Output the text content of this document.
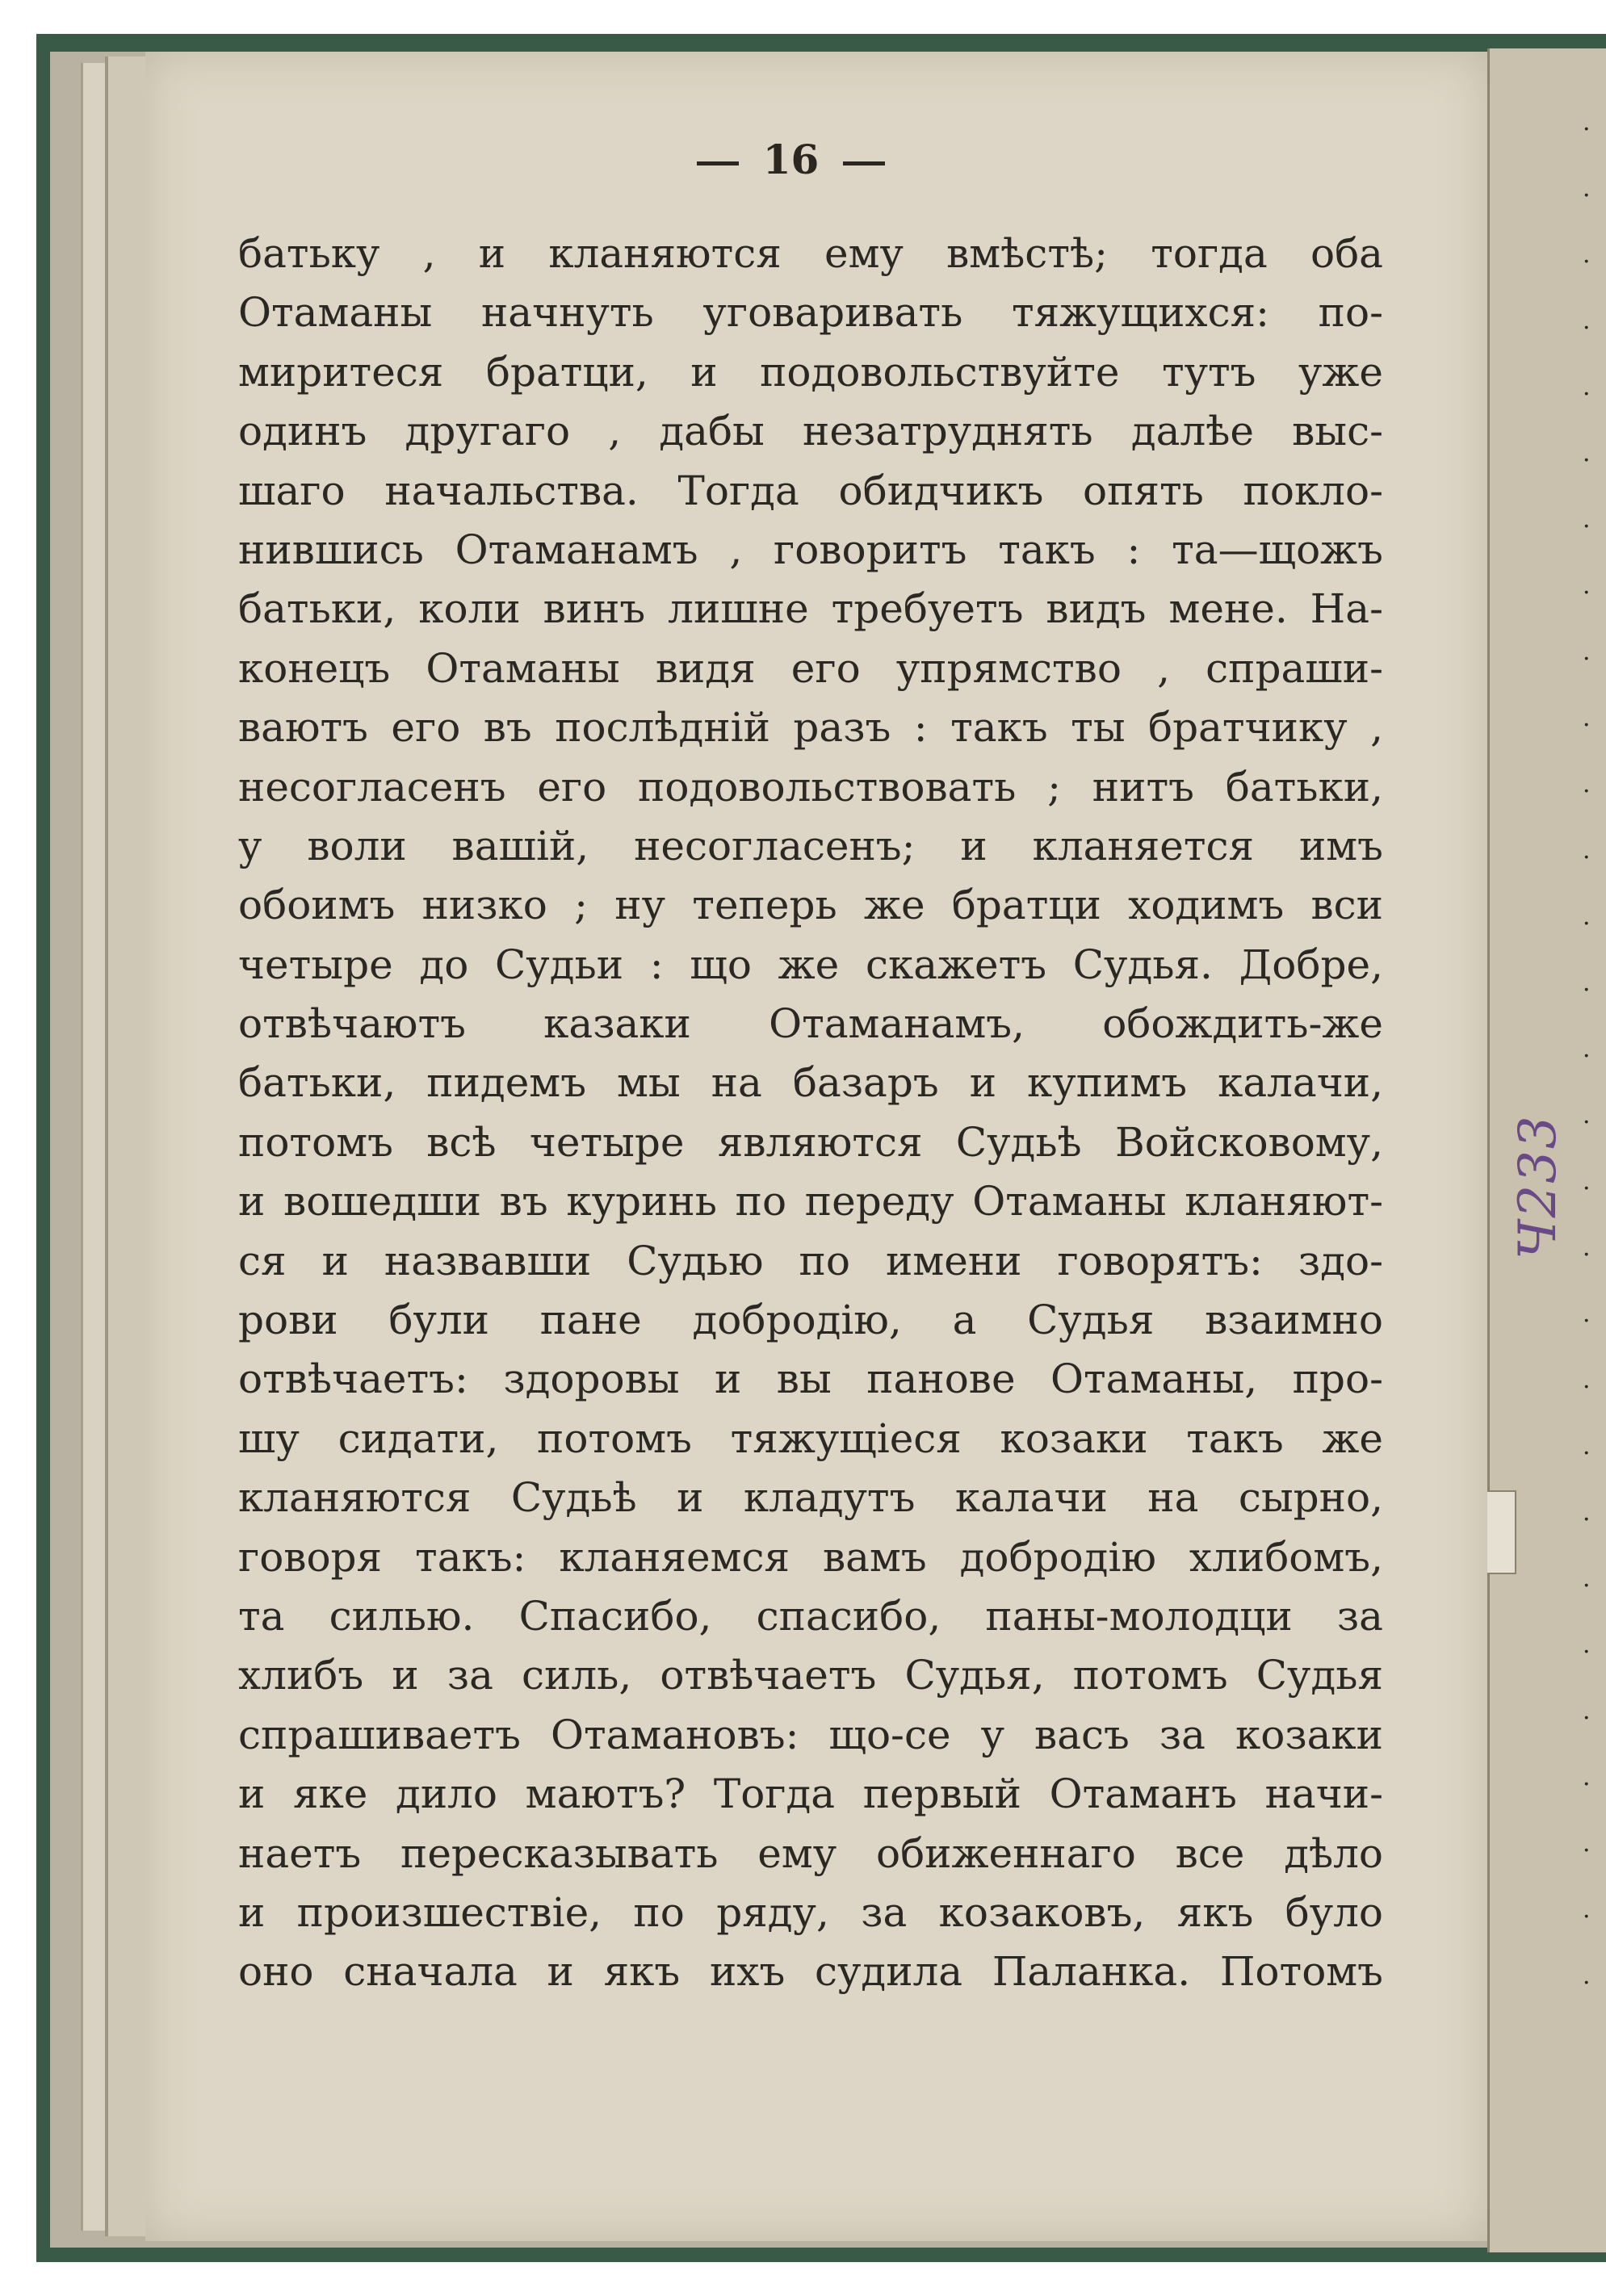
·
·
·
·
·
·
·
·
·
·
·
·
·
·
·
·
·
·
·
·
·
·
·
·
·
·
·
·
·
16
батьку , и кланяются ему вмѣстѣ; тогда оба
Отаманы начнуть уговаривать тяжущихся: по-
миритеся братци, и подовольствуйте тутъ уже
одинъ другаго , дабы незатруднять далѣе выс-
шаго начальства. Тогда обидчикъ опять покло-
нившись Отаманамъ , говоритъ такъ : та—щожъ
батьки, коли винъ лишне требуетъ видъ мене. На-
конецъ Отаманы видя его упрямство , спраши-
ваютъ его въ послѣдній разъ : такъ ты братчику ,
несогласенъ его подовольствовать ; нитъ батьки,
у воли вашій, несогласенъ; и кланяется имъ
обоимъ низко ; ну теперь же братци ходимъ вси
четыре до Судьи : що же скажетъ Судья. Добре,
отвѣчаютъ казаки Отаманамъ, обождить-же
батьки, пидемъ мы на базаръ и купимъ калачи,
потомъ всѣ четыре являются Судьѣ Войсковому,
и вошедши въ куринь по переду Отаманы кланяют-
ся и назвавши Судью по имени говорятъ: здо-
рови були пане добродію, а Судья взаимно
отвѣчаетъ: здоровы и вы панове Отаманы, про-
шу сидати, потомъ тяжущіеся козаки такъ же
кланяются Судьѣ и кладутъ калачи на сырно,
говоря такъ: кланяемся вамъ добродію хлибомъ,
та силью. Спасибо, спасибо, паны-молодци за
хлибъ и за силь, отвѣчаетъ Судья, потомъ Судья
спрашиваетъ Отамановъ: що-се у васъ за козаки
и яке дило маютъ? Тогда первый Отаманъ начи-
наетъ пересказывать ему обиженнаго все дѣло
и произшествіе, по ряду, за козаковъ, якъ було
оно сначала и якъ ихъ судила Паланка. Потомъ
Ч233
